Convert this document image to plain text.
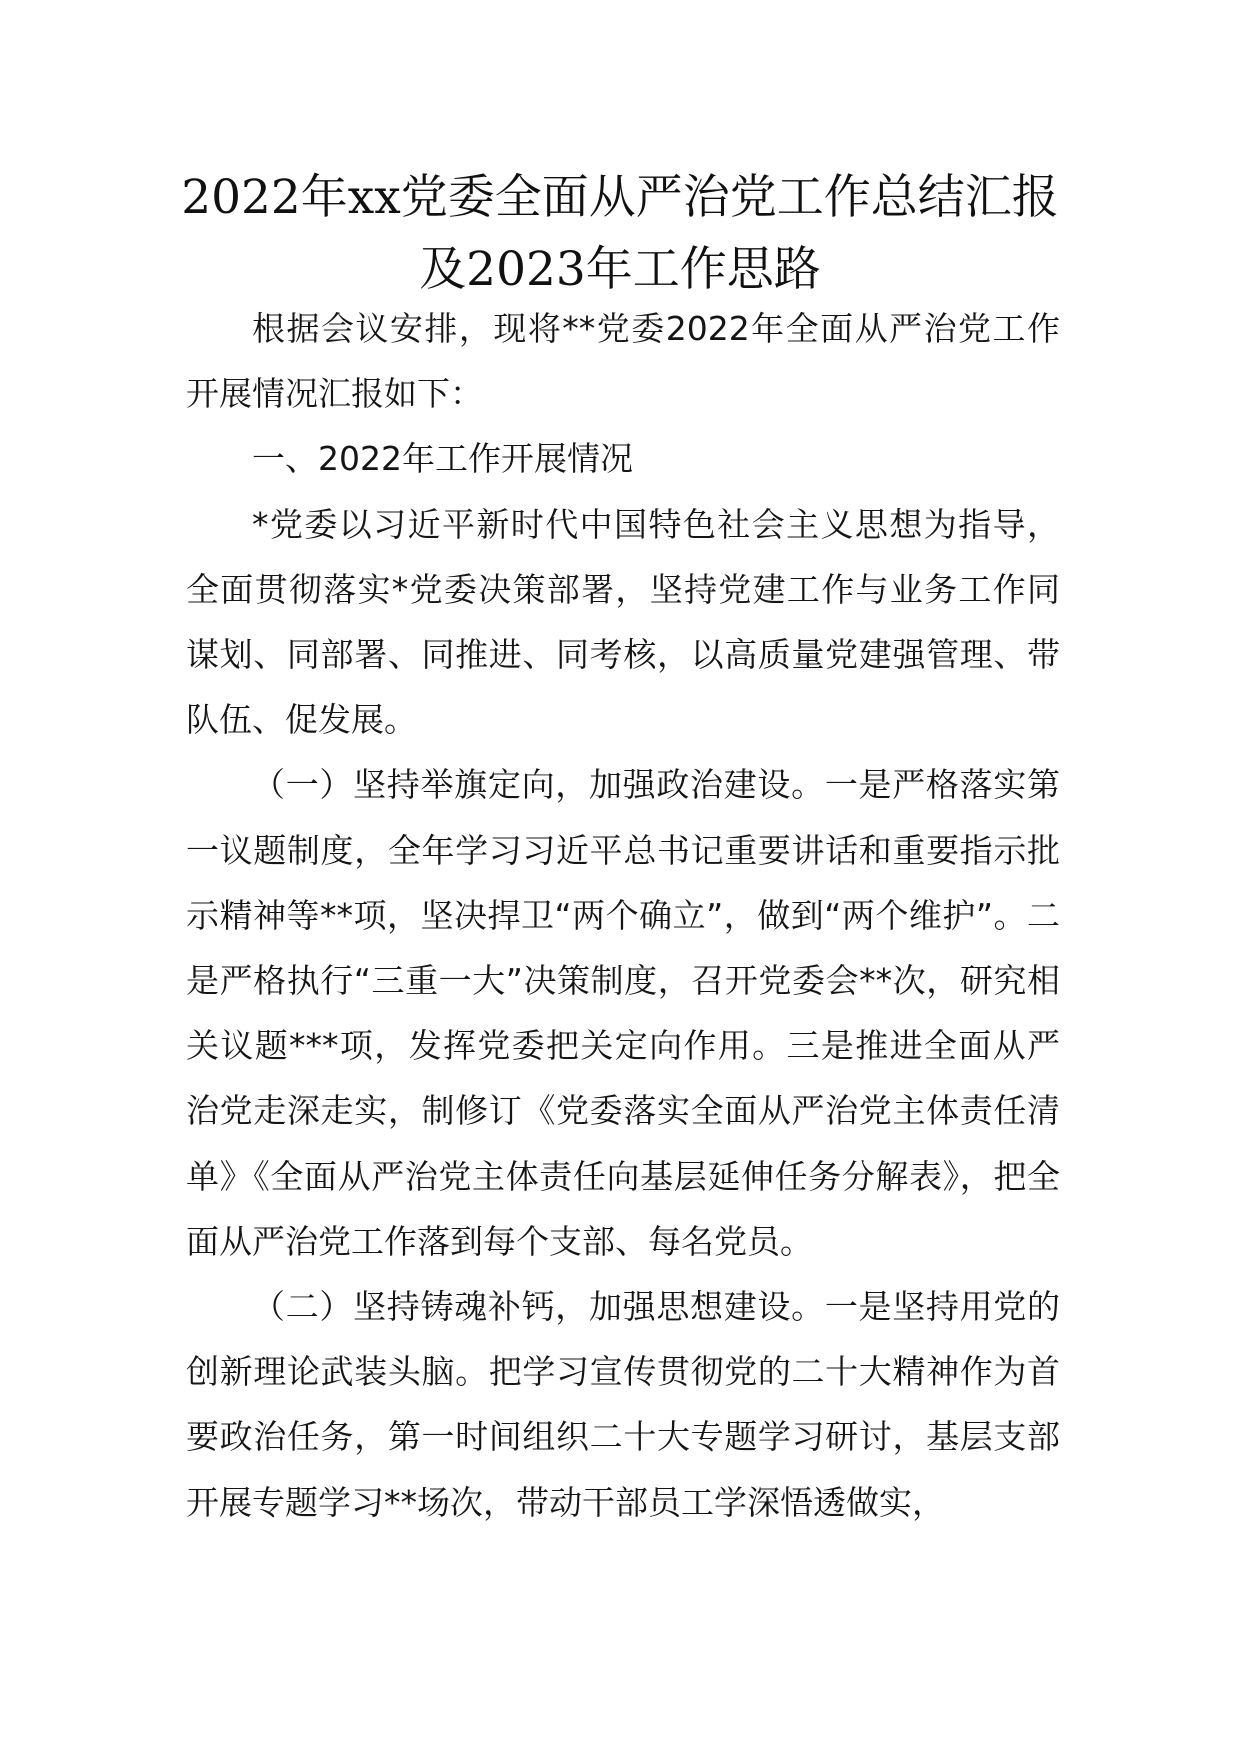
2022年xx党委全面从严治党工作总结汇报
及2023年工作思路

根据会议安排，现将**党委2022年全面从严治党工作开展情况汇报如下：

一、2022年工作开展情况

*党委以习近平新时代中国特色社会主义思想为指导，全面贯彻落实*党委决策部署，坚持党建工作与业务工作同谋划、同部署、同推进、同考核，以高质量党建强管理、带队伍、促发展。

（一）坚持举旗定向，加强政治建设。一是严格落实第一议题制度，全年学习习近平总书记重要讲话和重要指示批示精神等**项，坚决捍卫“两个确立”，做到“两个维护”。二是严格执行“三重一大”决策制度，召开党委会**次，研究相关议题***项，发挥党委把关定向作用。三是推进全面从严治党走深走实，制修订《党委落实全面从严治党主体责任清单》《全面从严治党主体责任向基层延伸任务分解表》，把全面从严治党工作落到每个支部、每名党员。

（二）坚持铸魂补钙，加强思想建设。一是坚持用党的创新理论武装头脑。把学习宣传贯彻党的二十大精神作为首要政治任务，第一时间组织二十大专题学习研讨，基层支部开展专题学习**场次，带动干部员工学深悟透做实，
